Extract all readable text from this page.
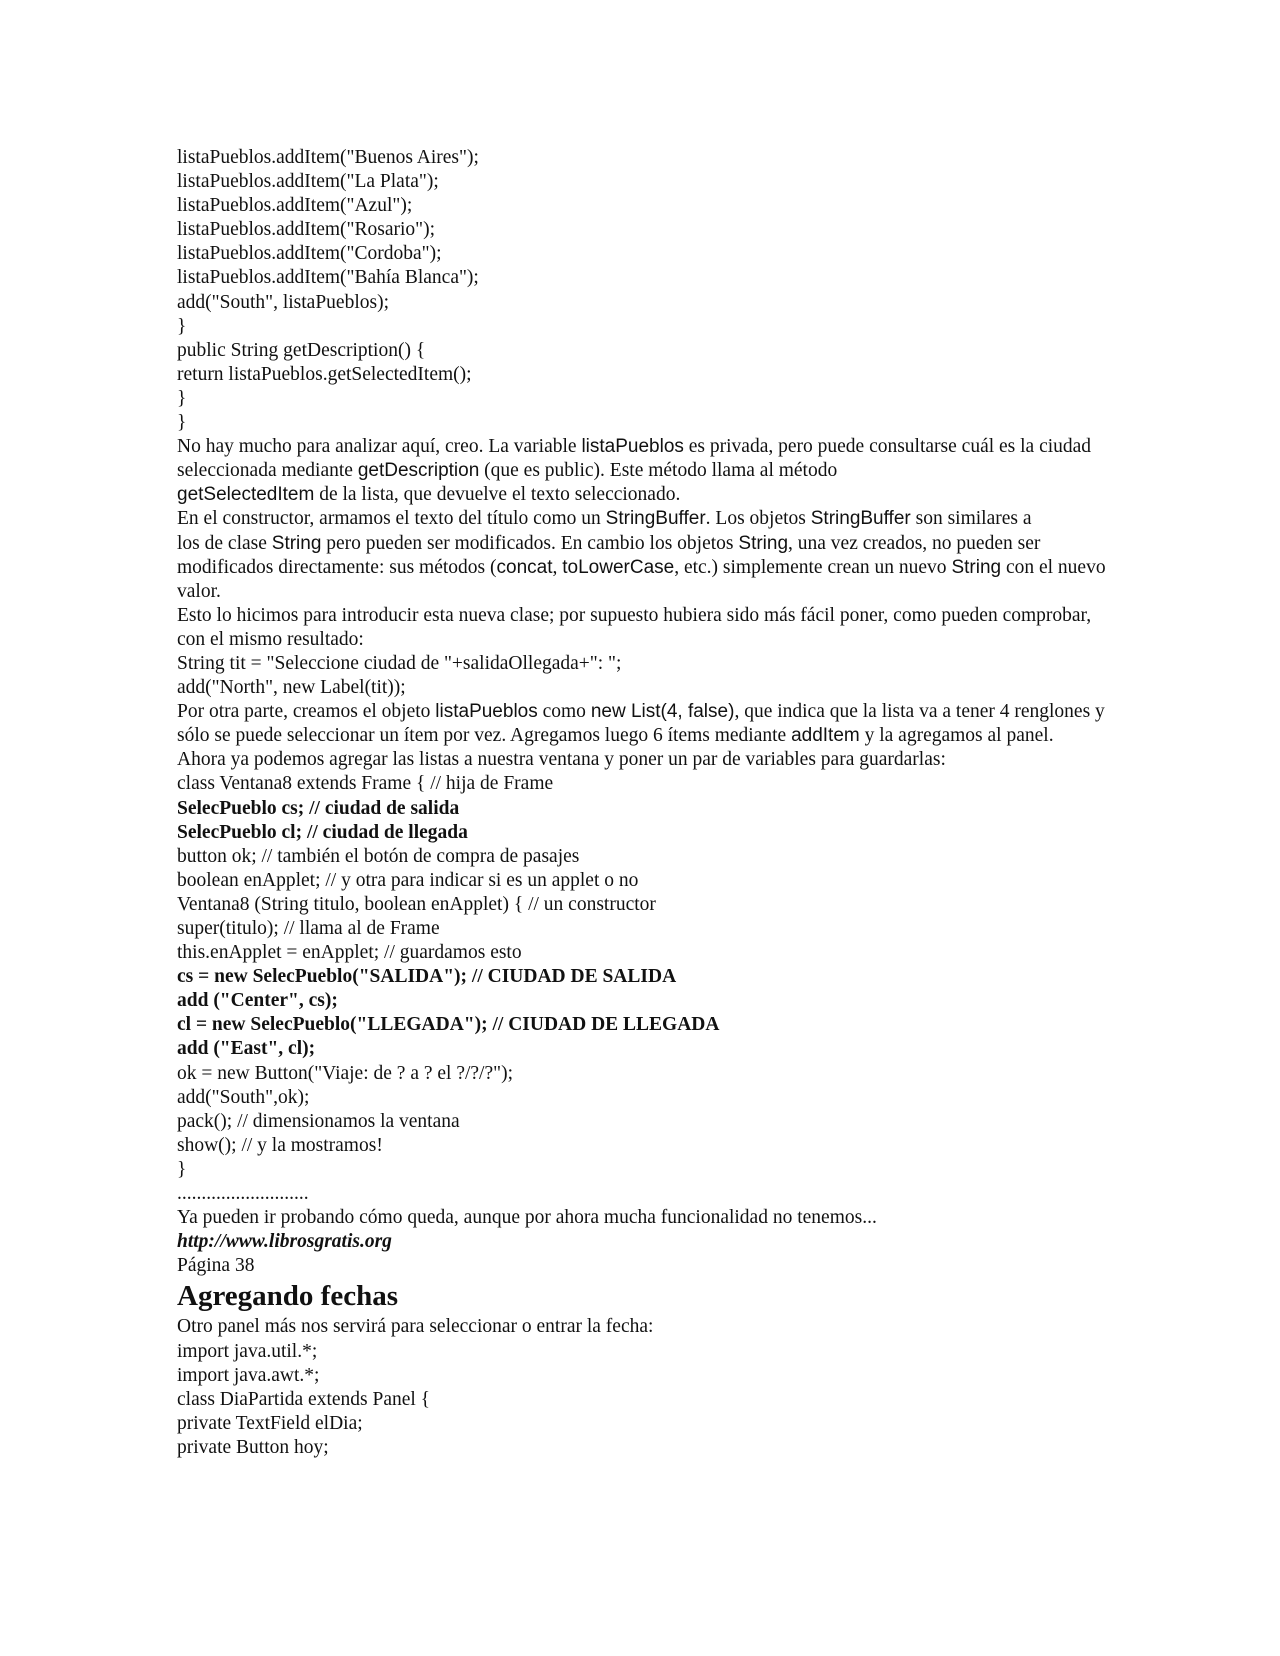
listaPueblos.addItem("Buenos Aires");

listaPueblos.addItem("La Plata");

listaPueblos.addItem("Azul");

listaPueblos.addItem("Rosario");

listaPueblos.addItem("Cordoba");

listaPueblos.addItem("Bahía Blanca");

add("South", listaPueblos);

}

public String getDescription() {

return listaPueblos.getSelectedItem();

}

}

No hay mucho para analizar aquí, creo. La variable listaPueblos es privada, pero puede consultarse cuál es la ciudad seleccionada mediante getDescription (que es public). Este método llama al método
getSelectedItem de la lista, que devuelve el texto seleccionado.

En el constructor, armamos el texto del título como un StringBuffer. Los objetos StringBuffer son similares a

los de clase String pero pueden ser modificados. En cambio los objetos String, una vez creados, no pueden ser modificados directamente: sus métodos (concat, toLowerCase, etc.) simplemente crean un nuevo String con el nuevo valor.

Esto lo hicimos para introducir esta nueva clase; por supuesto hubiera sido más fácil poner, como pueden comprobar, con el mismo resultado:

String tit = "Seleccione ciudad de "+salidaOllegada+": ";

add("North", new Label(tit));

Por otra parte, creamos el objeto listaPueblos como new List(4, false), que indica que la lista va a tener 4 renglones y sólo se puede seleccionar un ítem por vez. Agregamos luego 6 ítems mediante addItem y la agregamos al panel.

Ahora ya podemos agregar las listas a nuestra ventana y poner un par de variables para guardarlas:

class Ventana8 extends Frame { // hija de Frame

SelecPueblo cs; // ciudad de salida

SelecPueblo cl; // ciudad de llegada

button ok; // también el botón de compra de pasajes

boolean enApplet; // y otra para indicar si es un applet o no

Ventana8 (String titulo, boolean enApplet) { // un constructor

super(titulo); // llama al de Frame

this.enApplet = enApplet; // guardamos esto

cs = new SelecPueblo("SALIDA"); // CIUDAD DE SALIDA

add ("Center", cs);

cl = new SelecPueblo("LLEGADA"); // CIUDAD DE LLEGADA

add ("East", cl);

ok = new Button("Viaje: de ? a ? el ?/?/?");

add("South",ok);

pack(); // dimensionamos la ventana

show(); // y la mostramos!

}

...........................

Ya pueden ir probando cómo queda, aunque por ahora mucha funcionalidad no tenemos...

http://www.librosgratis.org

Página 38

Agregando fechas

Otro panel más nos servirá para seleccionar o entrar la fecha:

import java.util.*;

import java.awt.*;

class DiaPartida extends Panel {

private TextField elDia;

private Button hoy;
